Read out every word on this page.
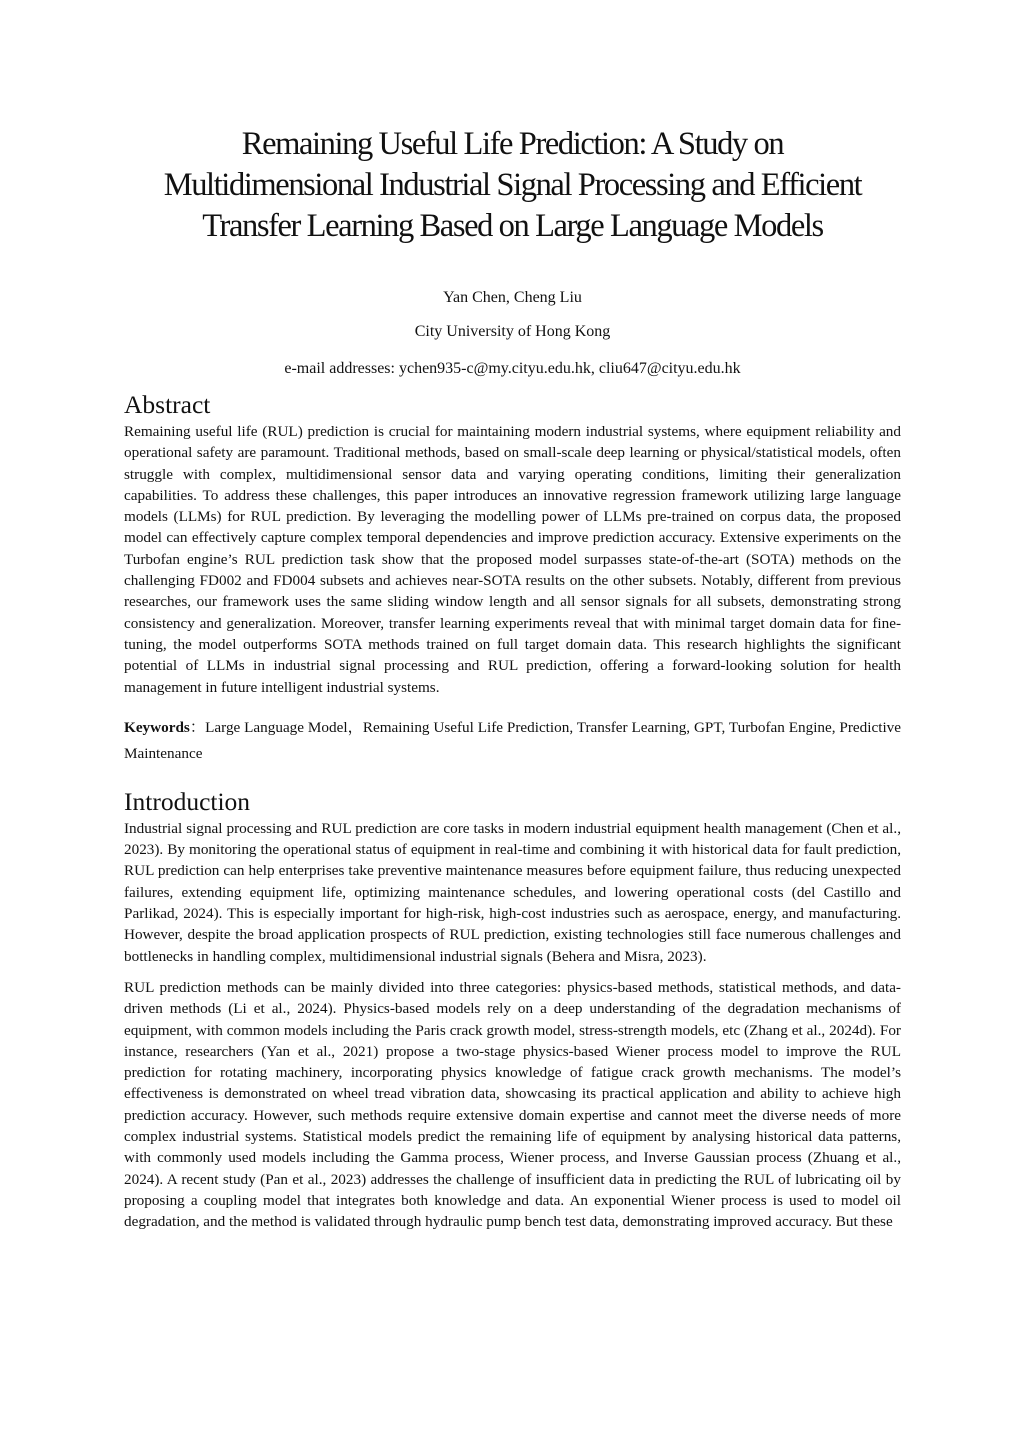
Remaining Useful Life Prediction: A Study on
Multidimensional Industrial Signal Processing and Efficient
Transfer Learning Based on Large Language Models
Yan Chen, Cheng Liu
City University of Hong Kong
e-mail addresses: ychen935-c@my.cityu.edu.hk, cliu647@cityu.edu.hk
Abstract

Remaining useful life (RUL) prediction is crucial for maintaining modern industrial systems, where equipment reliability and operational safety are paramount. Traditional methods, based on small-scale deep learning or physical/statistical models, often struggle with complex, multidimensional sensor data and varying operating conditions, limiting their generalization capabilities. To address these challenges, this paper introduces an innovative regression framework utilizing large language models (LLMs) for RUL prediction. By leveraging the modelling power of LLMs pre-trained on corpus data, the proposed model can effectively capture complex temporal dependencies and improve prediction accuracy. Extensive experiments on the Turbofan engine’s RUL prediction task show that the proposed model surpasses state-of-the-art (SOTA) methods on the challenging FD002 and FD004 subsets and achieves near-SOTA results on the other subsets. Notably, different from previous researches, our framework uses the same sliding window length and all sensor signals for all subsets, demonstrating strong consistency and generalization. Moreover, transfer learning experiments reveal that with minimal target domain data for fine-tuning, the model outperforms SOTA methods trained on full target domain data. This research highlights the significant potential of LLMs in industrial signal processing and RUL prediction, offering a forward-looking solution for health management in future intelligent industrial systems.

Keywords：Large Language Model，Remaining Useful Life Prediction, Transfer Learning, GPT, Turbofan Engine, Predictive Maintenance

Introduction

Industrial signal processing and RUL prediction are core tasks in modern industrial equipment health management (Chen et al., 2023). By monitoring the operational status of equipment in real-time and combining it with historical data for fault prediction, RUL prediction can help enterprises take preventive maintenance measures before equipment failure, thus reducing unexpected failures, extending equipment life, optimizing maintenance schedules, and lowering operational costs (del Castillo and Parlikad, 2024). This is especially important for high-risk, high-cost industries such as aerospace, energy, and manufacturing. However, despite the broad application prospects of RUL prediction, existing technologies still face numerous challenges and bottlenecks in handling complex, multidimensional industrial signals (Behera and Misra, 2023).

RUL prediction methods can be mainly divided into three categories: physics-based methods, statistical methods, and data-driven methods (Li et al., 2024). Physics-based models rely on a deep understanding of the degradation mechanisms of equipment, with common models including the Paris crack growth model, stress-strength models, etc (Zhang et al., 2024d). For instance, researchers (Yan et al., 2021) propose a two-stage physics-based Wiener process model to improve the RUL prediction for rotating machinery, incorporating physics knowledge of fatigue crack growth mechanisms. The model’s effectiveness is demonstrated on wheel tread vibration data, showcasing its practical application and ability to achieve high prediction accuracy. However, such methods require extensive domain expertise and cannot meet the diverse needs of more complex industrial systems. Statistical models predict the remaining life of equipment by analysing historical data patterns, with commonly used models including the Gamma process, Wiener process, and Inverse Gaussian process (Zhuang et al., 2024). A recent study (Pan et al., 2023) addresses the challenge of insufficient data in predicting the RUL of lubricating oil by proposing a coupling model that integrates both knowledge and data. An exponential Wiener process is used to model oil degradation, and the method is validated through hydraulic pump bench test data, demonstrating improved accuracy. But these
